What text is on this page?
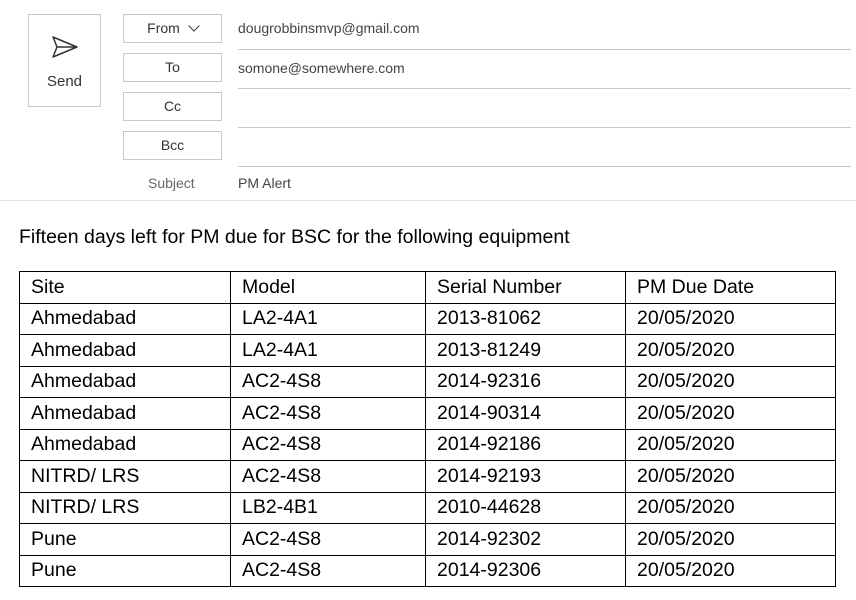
Send
From
To
Cc
Bcc
dougrobbinsmvp@gmail.com
somone@somewhere.com
Subject	PM Alert
Fifteen days left for PM due for BSC for the following equipment
Site	Model	Serial Number	PM Due Date
Ahmedabad	LA2-4A1	2013-81062	20/05/2020
Ahmedabad	LA2-4A1	2013-81249	20/05/2020
Ahmedabad	AC2-4S8	2014-92316	20/05/2020
Ahmedabad	AC2-4S8	2014-90314	20/05/2020
Ahmedabad	AC2-4S8	2014-92186	20/05/2020
NITRD/ LRS	AC2-4S8	2014-92193	20/05/2020
NITRD/ LRS	LB2-4B1	2010-44628	20/05/2020
Pune	AC2-4S8	2014-92302	20/05/2020
Pune	AC2-4S8	2014-92306	20/05/2020
